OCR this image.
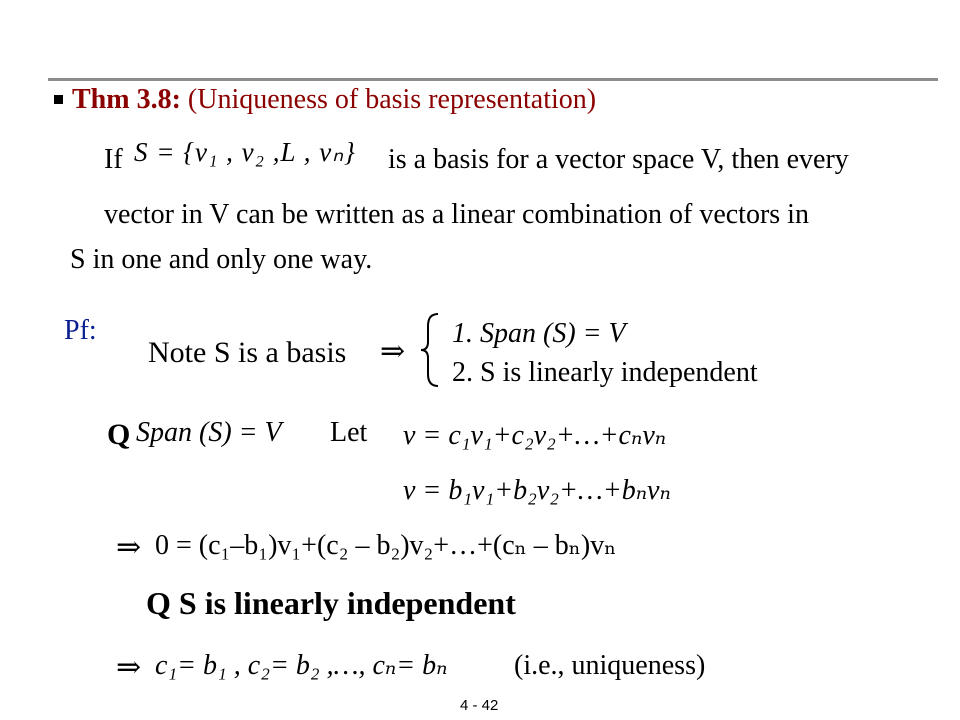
Thm 3.8: (Uniqueness of basis representation)
If S = {v₁ , v₂ ,L , vₙ} is a basis for a vector space V, then every
vector in V can be written as a linear combination of vectors in
S in one and only one way.
Pf:
Note S is a basis ⇒
1. Span (S) = V
2. S is linearly independent
Q Span (S) = V Let v = c₁v₁+c₂v₂+…+cₙvₙ
v = b₁v₁+b₂v₂+…+bₙvₙ
⇒ 0 = (c₁–b₁)v₁+(c₂ – b₂)v₂+…+(cₙ – bₙ)vₙ
Q S is linearly independent
⇒ c₁= b₁ , c₂= b₂ ,…, cₙ= bₙ (i.e., uniqueness)
4 - 42
